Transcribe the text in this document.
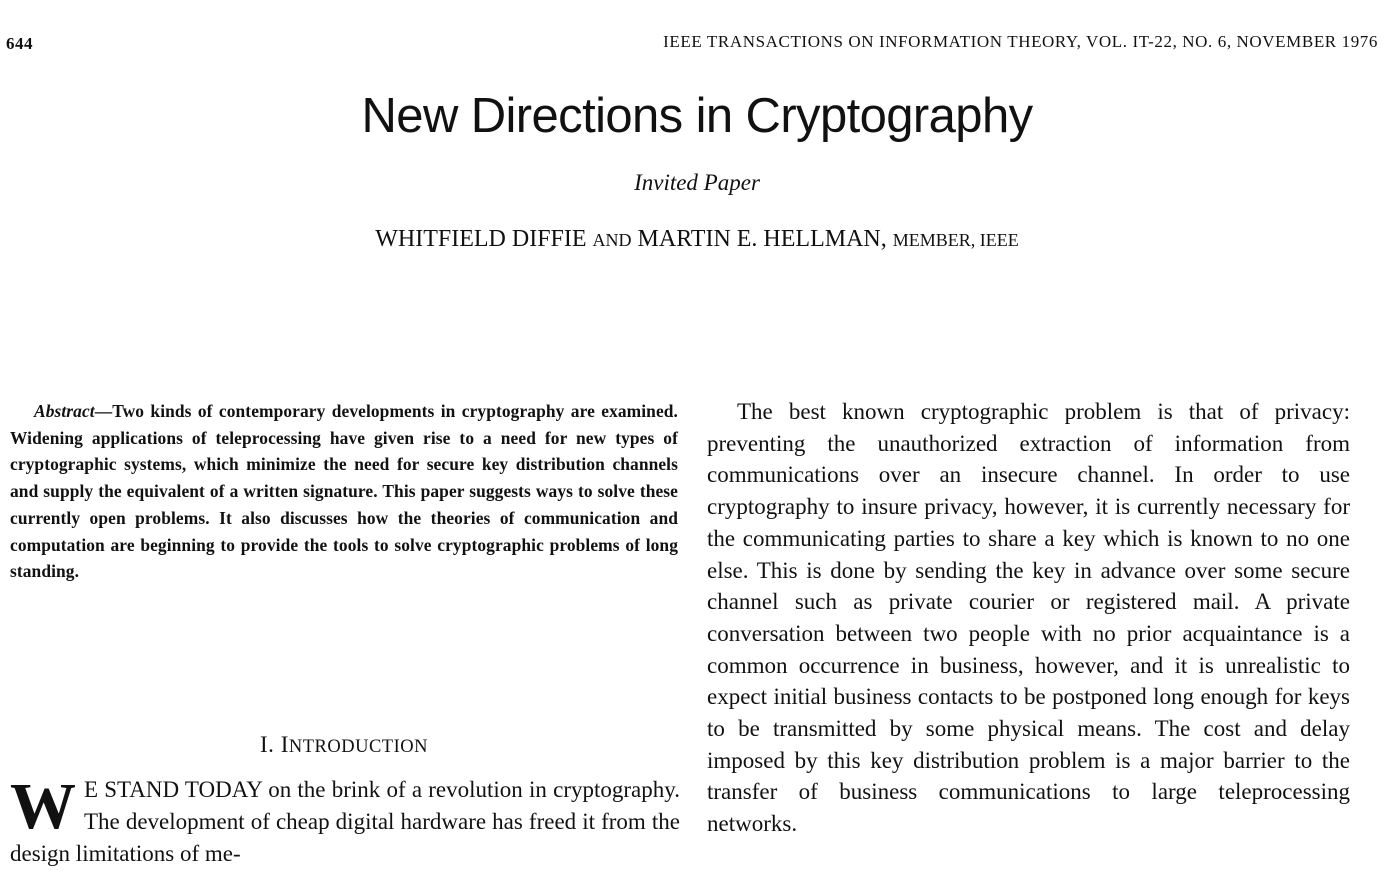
644	IEEE TRANSACTIONS ON INFORMATION THEORY, VOL. IT-22, NO. 6, NOVEMBER 1976
New Directions in Cryptography
Invited Paper
WHITFIELD DIFFIE AND MARTIN E. HELLMAN, MEMBER, IEEE

Abstract—Two kinds of contemporary developments in cryptography are examined. Widening applications of teleprocessing have given rise to a need for new types of cryptographic systems, which minimize the need for secure key distribution channels and supply the equivalent of a written signature. This paper suggests ways to solve these currently open problems. It also discusses how the theories of communication and computation are beginning to provide the tools to solve cryptographic problems of long standing.

I. INTRODUCTION

W E STAND TODAY on the brink of a revolution in cryptography. The development of cheap digital hardware has freed it from the design limitations of me-

The best known cryptographic problem is that of privacy: preventing the unauthorized extraction of information from communications over an insecure channel. In order to use cryptography to insure privacy, however, it is currently necessary for the communicating parties to share a key which is known to no one else. This is done by sending the key in advance over some secure channel such as private courier or registered mail. A private conversation between two people with no prior acquaintance is a common occurrence in business, however, and it is unrealistic to expect initial business contacts to be postponed long enough for keys to be transmitted by some physical means. The cost and delay imposed by this key distribution problem is a major barrier to the transfer of business communications to large teleprocessing networks.
